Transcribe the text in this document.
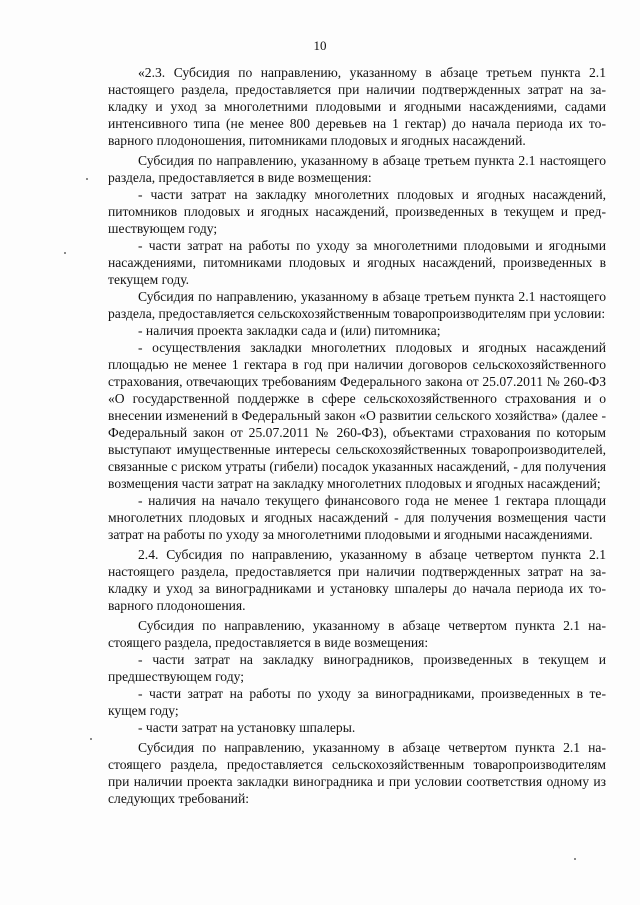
10

«2.3. Субсидия по направлению, указанному в абзаце третьем пункта 2.1 настоящего раздела, предоставляется при наличии подтвержденных затрат на закладку и уход за многолетними плодовыми и ягодными насаждениями, садами интенсивного типа (не менее 800 деревьев на 1 гектар) до начала периода их товарного плодоношения, питомниками плодовых и ягодных насаждений.

Субсидия по направлению, указанному в абзаце третьем пункта 2.1 настоящего раздела, предоставляется в виде возмещения:

- части затрат на закладку многолетних плодовых и ягодных насаждений, питомников плодовых и ягодных насаждений, произведенных в текущем и предшествующем году;

- части затрат на работы по уходу за многолетними плодовыми и ягодными насаждениями, питомниками плодовых и ягодных насаждений, произведенных в текущем году.

Субсидия по направлению, указанному в абзаце третьем пункта 2.1 настоящего раздела, предоставляется сельскохозяйственным товаропроизводителям при условии:

- наличия проекта закладки сада и (или) питомника;

- осуществления закладки многолетних плодовых и ягодных насаждений площадью не менее 1 гектара в год при наличии договоров сельскохозяйственного страхования, отвечающих требованиям Федерального закона от 25.07.2011 № 260-ФЗ «О государственной поддержке в сфере сельскохозяйственного страхования и о внесении изменений в Федеральный закон «О развитии сельского хозяйства» (далее - Федеральный закон от 25.07.2011 № 260-ФЗ), объектами страхования по которым выступают имущественные интересы сельскохозяйственных товаропроизводителей, связанные с риском утраты (гибели) посадок указанных насаждений, - для получения возмещения части затрат на закладку многолетних плодовых и ягодных насаждений;

- наличия на начало текущего финансового года не менее 1 гектара площади многолетних плодовых и ягодных насаждений - для получения возмещения части затрат на работы по уходу за многолетними плодовыми и ягодными насаждениями.

2.4. Субсидия по направлению, указанному в абзаце четвертом пункта 2.1 настоящего раздела, предоставляется при наличии подтвержденных затрат на закладку и уход за виноградниками и установку шпалеры до начала периода их товарного плодоношения.

Субсидия по направлению, указанному в абзаце четвертом пункта 2.1 настоящего раздела, предоставляется в виде возмещения:

- части затрат на закладку виноградников, произведенных в текущем и предшествующем году;

- части затрат на работы по уходу за виноградниками, произведенных в текущем году;

- части затрат на установку шпалеры.

Субсидия по направлению, указанному в абзаце четвертом пункта 2.1 настоящего раздела, предоставляется сельскохозяйственным товаропроизводителям при наличии проекта закладки виноградника и при условии соответствия одному из следующих требований:
